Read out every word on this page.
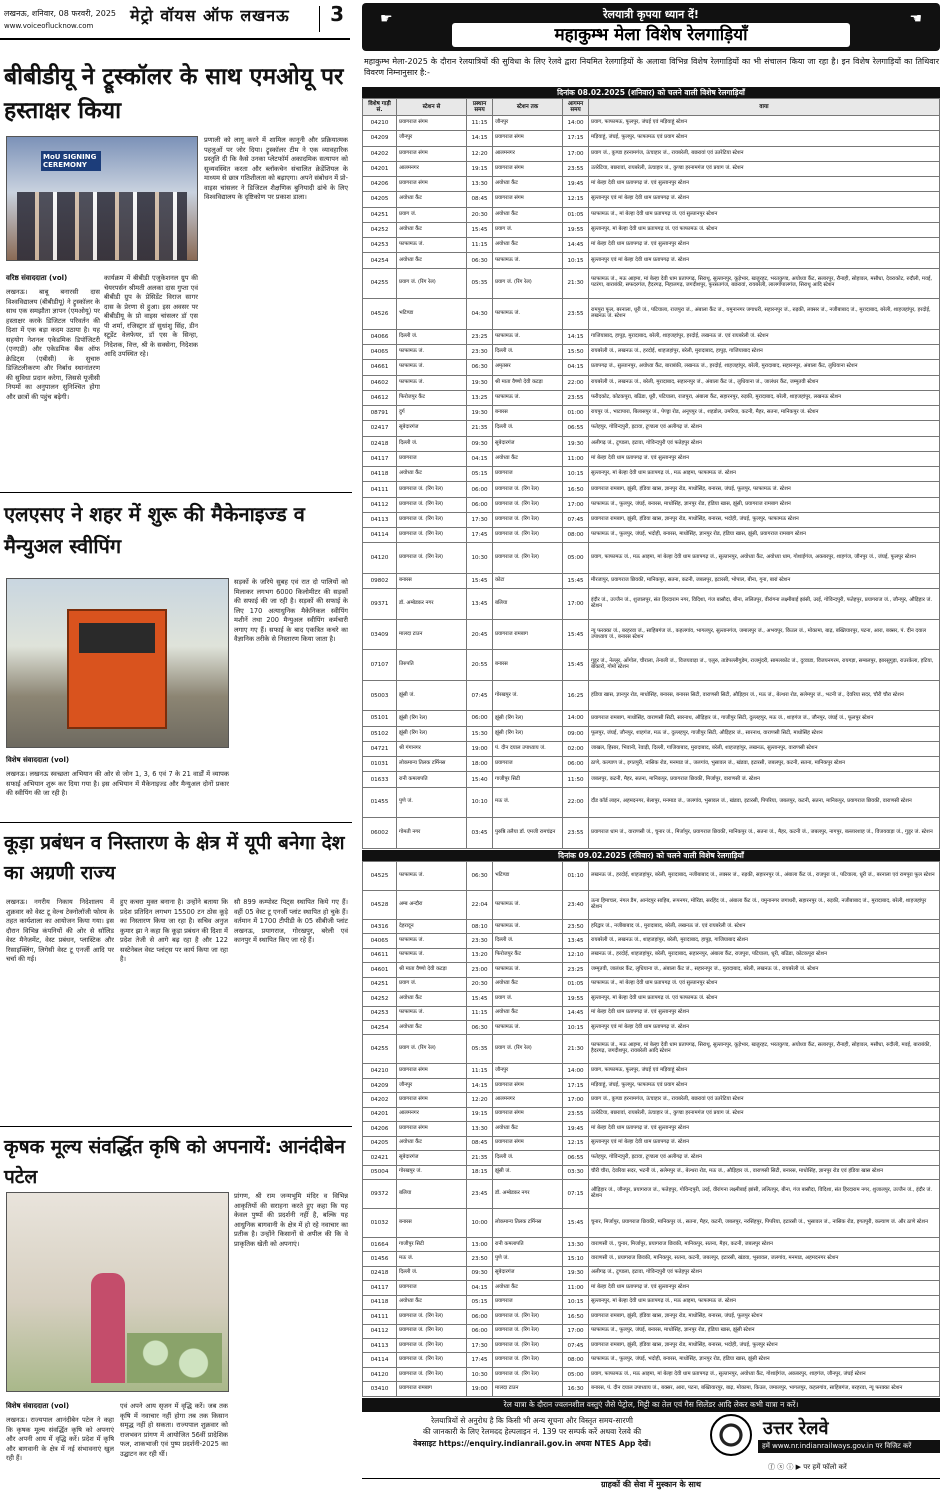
लखनऊ, शनिवार, 08 फरवरी, 2025
www.voiceoflucknow.com
मेट्रो वॉयस ऑफ लखनऊ 3
बीबीडीयू ने ट्रूस्कॉलर के साथ एमओयू पर हस्ताक्षर किया
MoU SIGNING CEREMONY
वरिष्ठ संवाददाता (vol)
लखनऊ। बाबू बनारसी दास विश्वविद्यालय (बीबीडीयू) ने ट्रूस्कॉलर के साथ एक समझौता ज्ञापन (एमओयू) पर हस्ताक्षर करके डिजिटल परिवर्तन की दिशा में एक बड़ा कदम उठाया है। यह सहयोग नेशनल एकेडमिक डिपॉजिटरी (एनएडी) और एकेडमिक बैंक ऑफ क्रेडिट्स (एबीसी) के सुचारु डिजिटलीकरण और निर्बाध स्थानांतरण की सुविधा प्रदान करेगा, जिससे यूजीसी नियमों का अनुपालन सुनिश्चित होगा और छात्रों की पहुंच बढ़ेगी।
कार्यक्रम में बीबीडी एजुकेशनल ग्रुप की चेयरपर्सन श्रीमती अलका दास गुप्ता एवं बीबीडी ग्रुप के प्रेसिडेंट विराज सागर दास के प्रेरणा से हुआ। इस अवसर पर बीबीडीयू के प्रो वाइस चांसलर डॉ एस पी शर्मा, रजिस्ट्रार डॉ सुधांशु सिंह, डीन स्टूडेंट वेलफेयर, डॉ एस के सिन्हा, निदेशक, वित्त, श्री के सक्सेना, निदेशक आदि उपस्थित रहे।
प्रणाली को लागू करने में शामिल कानूनी और प्रक्रियात्मक पहलुओं पर जोर दिया। ट्रूस्कॉलर टीम ने एक व्यावहारिक प्रस्तुति दी कि कैसे उनका प्लेटफॉर्म अकादमिक सत्यापन को सुव्यवस्थित करता और ब्लॉकचेन संचालित क्रेडेंशियल के माध्यम से छात्र गतिशीलता को बढ़ाएगा। अपने संबोधन में प्रो-वाइस चांसलर ने डिजिटल शैक्षणिक बुनियादी ढांचे के लिए विश्वविद्यालय के दृष्टिकोण पर प्रकाश डाला।
एलएसए ने शहर में शुरू की मैकेनाइज्ड व मैन्युअल स्वीपिंग
विशेष संवाददाता (vol)
लखनऊ। लखनऊ स्वच्छता अभियान की ओर से जोन 1, 3, 6 एवं 7 के 21 वार्डों में व्यापक सफाई अभियान शुरू कर दिया गया है। इस अभियान में मैकेनाइज्ड और मैन्युअल दोनों प्रकार की स्वीपिंग की जा रही है।
सड़कों के जरिये सुबह एवं रात दो पालियों को मिलाकर लगभग 6000 किलोमीटर की सड़कों की सफाई की जा रही है। सड़कों की सफाई के लिए 170 अत्याधुनिक मैकेनिकल स्वीपिंग मशीनें तथा 200 मैन्युअल स्वीपिंग कर्मचारी लगाए गए हैं। सफाई के बाद एकत्रित कचरे का वैज्ञानिक तरीके से निस्तारण किया जाता है।
कूड़ा प्रबंधन व निस्तारण के क्षेत्र में यूपी बनेगा देश का अग्रणी राज्य
लखनऊ। नगरीय निकाय निदेशालय में शुक्रवार को वेस्ट टू वेल्थ टेक्नोलॉजी फोरम के तहत कार्यशाला का आयोजन किया गया। इस दौरान विभिन्न कंपनियों की ओर से सॉलिड वेस्ट मैनेजमेंट, वेस्ट प्रबंधन, प्लास्टिक और रिसाइक्लिंग, लिगेसी वेस्ट टू एनर्जी आदि पर चर्चा की गई।
हुए कचरा मुक्त बनाना है। उन्होंने बताया कि प्रदेश प्रतिदिन लगभग 15500 टन ठोस कूड़े का निस्तारण किया जा रहा है। सचिव अनुज कुमार झा ने कहा कि कूड़ा प्रबंधन की दिशा में प्रदेश तेजी से आगे बढ़ रहा है और 122 सस्टेनेबल वेस्ट प्लांट्स पर कार्य किया जा रहा है।
सौ 899 कम्पोस्ट पिट्स स्थापित किये गए हैं। वहीं 05 वेस्ट टू एनर्जी प्लांट स्थापित हो चुके हैं। वर्तमान में 1700 टीपीडी के 05 सीबीजी प्लांट लखनऊ, प्रयागराज, गोरखपुर, बरेली एवं कानपुर में स्थापित किए जा रहे हैं।
कृषक मूल्य संवर्द्धित कृषि को अपनायें: आनंदीबेन पटेल
विशेष संवाददाता (vol)
लखनऊ। राज्यपाल आनंदीबेन पटेल ने कहा कि कृषक मूल्य संवर्द्धित कृषि को अपनाएं और अपनी आय में वृद्धि करें। प्रदेश में कृषि और बागवानी के क्षेत्र में नई संभावनाएं खुल रही हैं।
एवं अपने आय सृजन में वृद्धि करें। जब तक कृषि में नवाचार नहीं होगा तब तक किसान समृद्ध नहीं हो सकता। राज्यपाल शुक्रवार को राजभवन प्रांगण में आयोजित 56वीं प्रादेशिक फल, शाकभाजी एवं पुष्प प्रदर्शनी-2025 का उद्घाटन कर रही थीं।
प्रांगण, श्री राम जन्मभूमि मंदिर व विभिन्न आकृतियों की सराहना करते हुए कहा कि यह केवल पुष्पों की प्रदर्शनी नहीं है, बल्कि यह आधुनिक बागवानी के क्षेत्र में हो रहे नवाचार का प्रतीक है। उन्होंने किसानों से अपील की कि वे प्राकृतिक खेती को अपनाएं।
☛	☚
रेलयात्री कृपया ध्यान दें!
महाकुम्भ मेला विशेष रेलगाड़ियाँ
महाकुम्भ मेला-2025 के दौरान रेलयात्रियों की सुविधा के लिए रेलवे द्वारा नियमित रेलगाड़ियों के अलावा विभिन्न विशेष रेलगाड़ियों का भी संचालन किया जा रहा है। इन विशेष रेलगाड़ियों का तिथिवार विवरण निम्नानुसार है:-
दिनांक 08.02.2025 (शनिवार) को चलने वाली विशेष रेलगाड़ियाँ
विशेष गाड़ी सं.	स्टेशन से	प्रस्थान समय	स्टेशन तक	आगमन समय	वाया
04210	प्रयागराज संगम	11:15	जौनपुर	14:00	प्रयाग, फाफामऊ, फूलपुर, जंघई एवं मड़ियाहूं स्टेशन
04209	जौनपुर	14:15	प्रयागराज संगम	17:15	मड़ियाहूं, जंघई, फूलपुर, फाफामऊ एवं प्रयाग स्टेशन
04202	प्रयागराज संगम	12:20	आलमनगर	17:00	प्रयाग जं., कुण्डा हरनामगंज, ऊंचाहार जं., रायबरेली, बछरावां एवं उतरेटिया स्टेशन
04201	आलमनगर	19:15	प्रयागराज संगम	23:55	उतरेटिया, बछरावां, रायबरेली, ऊंचाहार जं., कुण्डा हरनामगंज एवं प्रयाग जं. स्टेशन
04206	प्रयागराज संगम	13:30	अयोध्या कैंट	19:45	मां बेल्हा देवी धाम प्रतापगढ़ जं. एवं सुल्तानपुर स्टेशन
04205	अयोध्या कैंट	08:45	प्रयागराज संगम	12:15	सुल्तानपुर एवं मां बेल्हा देवी धाम प्रतापगढ़ जं. स्टेशन
04251	प्रयाग जं.	20:30	अयोध्या कैंट	01:05	फाफामऊ जं., मां बेल्हा देवी धाम प्रतापगढ़ जं. एवं सुल्तानपुर स्टेशन
04252	अयोध्या कैंट	15:45	प्रयाग जं.	19:55	सुल्तानपुर, मां बेल्हा देवी धाम प्रतापगढ़ जं. एवं फाफामऊ जं. स्टेशन
04253	फाफामऊ जं.	11:15	अयोध्या कैंट	14:45	मां बेल्हा देवी धाम प्रतापगढ़ जं. एवं सुल्तानपुर स्टेशन
04254	अयोध्या कैंट	06:30	फाफामऊ जं.	10:15	सुल्तानपुर एवं मां बेल्हा देवी धाम प्रतापगढ़ जं. स्टेशन
04255	प्रयाग जं. (रिंग रेल)	05:35	प्रयाग जं. (रिंग रेल)	21:30	फाफामऊ जं., मऊ आइमा, मां बेल्हा देवी धाम प्रतापगढ़, सिराथू, सुल्तानपुर, कूड़ेभार, खजुरहट, भरतकुण्ड, अयोध्या कैंट, सलारपुर, रौनाही, सोहावल, मसौधा, देवराकोट, रुदौली, मवई, पटरंगा, बाराबंकी, सफदरगंज, हैदरगढ़, निहालगढ़, जगदीशपुर, फुरसतगंज, बछरावां, रायबरेली, लालगोपालगंज, सिराथू आदि स्टेशन
04526	भटिण्डा	04:30	फाफामऊ जं.	23:55	रामपुरा फूल, बरनाला, धूरी जं., पटियाला, राजपुरा जं., अंबाला कैंट जं., यमुनानगर जगाधरी, सहारनपुर जं., रुड़की, लक्सर जं., नजीबाबाद जं., मुरादाबाद, बरेली, शाहजहांपुर, हरदोई, लखनऊ जं. स्टेशन
04066	दिल्ली जं.	23:25	फाफामऊ जं.	14:15	गाजियाबाद, हापुड़, मुरादाबाद, बरेली, शाहजहांपुर, हरदोई, लखनऊ जं. एवं रायबरेली जं. स्टेशन
04065	फाफामऊ जं.	23:30	दिल्ली जं.	15:50	रायबरेली जं., लखनऊ जं., हरदोई, शाहजहांपुर, बरेली, मुरादाबाद, हापुड़, गाजियाबाद स्टेशन
04661	फाफामऊ जं.	06:30	अमृतसर	04:15	प्रतापगढ़ जं., सुल्तानपुर, अयोध्या कैंट, बाराबंकी, लखनऊ जं., हरदोई, शाहजहांपुर, बरेली, मुरादाबाद, सहारनपुर, अंबाला कैंट, लुधियाना स्टेशन
04602	फाफामऊ जं.	19:30	श्री माता वैष्णो देवी कटड़ा	22:00	रायबरेली जं., लखनऊ जं., बरेली, मुरादाबाद, सहारनपुर जं., अंबाला कैंट जं., लुधियाना जं., जालंधर कैंट, जम्मूतवी स्टेशन
04612	फिरोजपुर कैंट	13:25	फाफामऊ जं.	23:55	फरीदकोट, कोटकपूरा, बठिंडा, धूरी, पटियाला, राजपुरा, अंबाला कैंट, सहारनपुर, रुड़की, मुरादाबाद, बरेली, शाहजहांपुर, लखनऊ स्टेशन
08791	दुर्ग	19:30	बनारस	01:00	रायपुर जं., भाटापारा, बिलासपुर जं., पेण्ड्रा रोड, अनूपपुर जं., शहडोल, उमरिया, कटनी, मैहर, सतना, मानिकपुर जं. स्टेशन
02417	सूबेदारगंज	21:35	दिल्ली जं.	06:55	फतेहपुर, गोविन्दपुरी, इटावा, टूण्डला एवं अलीगढ़ जं. स्टेशन
02418	दिल्ली जं.	09:30	सूबेदारगंज	19:30	अलीगढ़ जं., टूण्डला, इटावा, गोविन्दपुरी एवं फतेहपुर स्टेशन
04117	प्रयागराज	04:15	अयोध्या कैंट	11:00	मां बेल्हा देवी धाम प्रतापगढ़ जं. एवं सुल्तानपुर स्टेशन
04118	अयोध्या कैंट	05:15	प्रयागराज	10:15	सुल्तानपुर, मां बेल्हा देवी धाम प्रतापगढ़ जं., मऊ आइमा, फाफामऊ जं. स्टेशन
04111	प्रयागराज जं. (रिंग रेल)	06:00	प्रयागराज जं. (रिंग रेल)	16:50	प्रयागराज रामबाग, झूंसी, हंडिया खास, ज्ञानपुर रोड, माधोसिंह, बनारस, जंघई, फूलपुर, फाफामऊ जं. स्टेशन
04112	प्रयागराज जं. (रिंग रेल)	06:00	प्रयागराज जं. (रिंग रेल)	17:00	फाफामऊ जं., फूलपुर, जंघई, बनारस, माधोसिंह, ज्ञानपुर रोड, हंडिया खास, झूंसी, प्रयागराज रामबाग स्टेशन
04113	प्रयागराज जं. (रिंग रेल)	17:30	प्रयागराज जं. (रिंग रेल)	07:45	प्रयागराज रामबाग, झूंसी, हंडिया खास, ज्ञानपुर रोड, माधोसिंह, बनारस, भदोही, जंघई, फूलपुर, फाफामऊ स्टेशन
04114	प्रयागराज जं. (रिंग रेल)	17:45	प्रयागराज जं. (रिंग रेल)	08:00	फाफामऊ जं., फूलपुर, जंघई, भदोही, बनारस, माधोसिंह, ज्ञानपुर रोड, हंडिया खास, झूंसी, प्रयागराज रामबाग स्टेशन
04120	प्रयागराज जं. (रिंग रेल)	10:30	प्रयागराज जं. (रिंग रेल)	05:00	प्रयाग, फाफामऊ जं., मऊ आइमा, मां बेल्हा देवी धाम प्रतापगढ़ जं., सुल्तानपुर, अयोध्या कैंट, अयोध्या धाम, गोशाईगंज, अकबरपुर, शाहगंज, जौनपुर जं., जंघई, फूलपुर स्टेशन
09802	बनारस	15:45	कोटा	15:45	मीरजापुर, प्रयागराज छिवकी, मानिकपुर, सतना, कटनी, जबलपुर, इटारसी, भोपाल, बीना, गुना, बारां स्टेशन
09371	डॉ. अम्बेडकर नगर	13:45	बलिया	17:00	इंदौर जं., उज्जैन जं., शुजालपुर, संत हिरदाराम नगर, विदिशा, गंज बासौदा, बीना, ललितपुर, वीरांगना लक्ष्मीबाई झांसी, उरई, गोविन्दपुरी, फतेहपुर, प्रयागराज जं., जौनपुर, औड़िहार जं. स्टेशन
03409	मालदा टाउन	20:45	प्रयागराज रामबाग	15:45	न्यू फरक्का जं., बरहरवा जं., साहिबगंज जं., कहलगांव, भागलपुर, सुल्तानगंज, जमालपुर जं., अभयपुर, किउल जं., मोकामा, बाढ़, बख्तियारपुर, पटना, आरा, बक्सर, पं. दीन दयाल उपाध्याय जं., बनारस स्टेशन
07107	तिरुपति	20:55	बनारस	15:45	गुडूर जं., नेल्लूर, ओंगोल, चीराला, तेनाली जं., विजयवाड़ा जं., एलुरु, ताडेपल्लीगुडेम, राजमुंदरी, सामलकोट जं., दुव्वाडा, विजयनगरम, रायगड़ा, सम्बलपुर, झारसुगुड़ा, राउरकेला, हटिया, बोकारो, गोमो स्टेशन
05003	झूंसी जं.	07:45	गोरखपुर जं.	16:25	हंडिया खास, ज्ञानपुर रोड, माधोसिंह, बनारस, बनारस सिटी, वाराणसी सिटी, औड़िहार जं., मऊ जं., बेल्थरा रोड, सलेमपुर जं., भटनी जं., देवरिया सदर, चौरी चौरा स्टेशन
05101	झूंसी (रिंग रेल)	06:00	झूंसी (रिंग रेल)	14:00	प्रयागराज रामबाग, माधोसिंह, वाराणसी सिटी, सारनाथ, औड़िहार जं., गाजीपुर सिटी, दुल्लहपुर, मऊ जं., शाहगंज जं., जौनपुर, जंघई जं., फूलपुर स्टेशन
05102	झूंसी (रिंग रेल)	15:30	झूंसी (रिंग रेल)	09:00	फूलपुर, जंघई, जौनपुर, शाहगंज, मऊ जं., दुल्लहपुर, गाजीपुर सिटी, औड़िहार जं., सारनाथ, वाराणसी सिटी, माधोसिंह स्टेशन
04721	श्री गंगानगर	19:00	पं. दीन दयाल उपाध्याय जं.	02:00	जाखल, हिसार, भिवानी, रेवाड़ी, दिल्ली, गाजियाबाद, मुरादाबाद, बरेली, शाहजहांपुर, लखनऊ, सुल्तानपुर, वाराणसी स्टेशन
01031	लोकमान्य तिलक टर्मिनस	18:00	प्रयागराज	06:00	ठाणे, कल्याण जं., इगतपुरी, नासिक रोड, मनमाड जं., जलगांव, भुसावल जं., खंडवा, इटारसी, जबलपुर, कटनी, सतना, मानिकपुर स्टेशन
01633	रानी कमलापति	15:40	गाजीपुर सिटी	11:50	जबलपुर, कटनी, मैहर, सतना, मानिकपुर, प्रयागराज छिवकी, मिर्जापुर, वाराणसी जं. स्टेशन
01455	पुणे जं.	10:10	मऊ जं.	22:00	दौंड कॉर्ड लाइन, अहमदनगर, बेलापुर, मनमाड जं., जलगांव, भुसावल जं., खंडवा, इटारसी, पिपरिया, जबलपुर, कटनी, सतना, मानिकपुर, प्रयागराज छिवकी, वाराणसी स्टेशन
06002	गोमती नगर	03:45	पुरुष्ठि तलैया डॉ. एमजी रामचंद्रन	23:55	प्रयागराज धाम जं., वाराणसी जं., चुनार जं., मिर्जापुर, प्रयागराज छिवकी, मानिकपुर जं., सतना जं., मैहर, कटनी जं., जबलपुर, नागपुर, बल्लारशाह जं., विजयवाड़ा जं., गुडूर जं. स्टेशन
दिनांक 09.02.2025 (रविवार) को चलने वाली विशेष रेलगाड़ियाँ
04525	फाफामऊ जं.	06:30	भटिण्डा	01:10	लखनऊ जं., हरदोई, शाहजहांपुर, बरेली, मुरादाबाद, नजीबाबाद जं., लक्सर जं., रुड़की, सहारनपुर जं., अंबाला कैंट जं., राजपुरा जं., पटियाला, धूरी जं., बरनाला एवं रामपुरा फूल स्टेशन
04528	अम्ब अन्दौरा	22:04	फाफामऊ जं.	23:40	ऊना हिमाचल, नंगल डैम, आनंदपुर साहिब, रूपनगर, मोरिंडा, सरहिंद जं., अंबाला कैंट जं., यमुनानगर जगाधरी, सहारनपुर जं., रुड़की, नजीबाबाद जं., मुरादाबाद, बरेली, शाहजहांपुर स्टेशन
04316	देहरादून	08:10	फाफामऊ जं.	23:50	हरिद्वार जं., नजीबाबाद जं., मुरादाबाद, बरेली, लखनऊ जं. एवं रायबरेली जं. स्टेशन
04065	फाफामऊ जं.	23:30	दिल्ली जं.	13:45	रायबरेली जं., लखनऊ जं., शाहजहांपुर, बरेली, मुरादाबाद, हापुड़, गाजियाबाद स्टेशन
04611	फाफामऊ जं.	13:20	फिरोजपुर कैंट	12:10	लखनऊ जं., हरदोई, शाहजहांपुर, बरेली, मुरादाबाद, सहारनपुर, अंबाला कैंट, राजपुरा, पटियाला, धूरी, बठिंडा, कोटकपूरा स्टेशन
04601	श्री माता वैष्णो देवी कटड़ा	23:00	फाफामऊ जं.	23:25	जम्मूतवी, जालंधर कैंट, लुधियाना जं., अंबाला कैंट जं., सहारनपुर जं., मुरादाबाद, बरेली, लखनऊ जं., रायबरेली जं. स्टेशन
04251	प्रयाग जं.	20:30	अयोध्या कैंट	01:05	फाफामऊ जं., मां बेल्हा देवी धाम प्रतापगढ़ जं. एवं सुल्तानपुर स्टेशन
04252	अयोध्या कैंट	15:45	प्रयाग जं.	19:55	सुल्तानपुर, मां बेल्हा देवी धाम प्रतापगढ़ जं. एवं फाफामऊ जं. स्टेशन
04253	फाफामऊ जं.	11:15	अयोध्या कैंट	14:45	मां बेल्हा देवी धाम प्रतापगढ़ जं. एवं सुल्तानपुर स्टेशन
04254	अयोध्या कैंट	06:30	फाफामऊ जं.	10:15	सुल्तानपुर एवं मां बेल्हा देवी धाम प्रतापगढ़ जं. स्टेशन
04255	प्रयाग जं. (रिंग रेल)	05:35	प्रयाग जं. (रिंग रेल)	21:30	फाफामऊ जं., मऊ आइमा, मां बेल्हा देवी धाम प्रतापगढ़, सिराथू, सुल्तानपुर, कूड़ेभार, खजुरहट, भरतकुण्ड, अयोध्या कैंट, सलारपुर, रौनाही, सोहावल, मसौधा, रुदौली, मवई, बाराबंकी, हैदरगढ़, जगदीशपुर, रायबरेली आदि स्टेशन
04210	प्रयागराज संगम	11:15	जौनपुर	14:00	प्रयाग, फाफामऊ, फूलपुर, जंघई एवं मड़ियाहूं स्टेशन
04209	जौनपुर	14:15	प्रयागराज संगम	17:15	मड़ियाहूं, जंघई, फूलपुर, फाफामऊ एवं प्रयाग स्टेशन
04202	प्रयागराज संगम	12:20	आलमनगर	17:00	प्रयाग जं., कुण्डा हरनामगंज, ऊंचाहार जं., रायबरेली, बछरावां एवं उतरेटिया स्टेशन
04201	आलमनगर	19:15	प्रयागराज संगम	23:55	उतरेटिया, बछरावां, रायबरेली, ऊंचाहार जं., कुण्डा हरनामगंज एवं प्रयाग जं. स्टेशन
04206	प्रयागराज संगम	13:30	अयोध्या कैंट	19:45	मां बेल्हा देवी धाम प्रतापगढ़ जं. एवं सुल्तानपुर स्टेशन
04205	अयोध्या कैंट	08:45	प्रयागराज संगम	12:15	सुल्तानपुर एवं मां बेल्हा देवी धाम प्रतापगढ़ जं. स्टेशन
02421	सूबेदारगंज	21:35	दिल्ली जं.	06:55	फतेहपुर, गोविन्दपुरी, इटावा, टूण्डला एवं अलीगढ़ जं. स्टेशन
05004	गोरखपुर जं.	18:15	झूंसी जं.	03:30	चौरी चौरा, देवरिया सदर, भटनी जं., सलेमपुर जं., बेल्थरा रोड, मऊ जं., औड़िहार जं., वाराणसी सिटी, बनारस, माधोसिंह, ज्ञानपुर रोड एवं हंडिया खास स्टेशन
09372	बलिया	23:45	डॉ. अम्बेडकर नगर	07:15	औड़िहार जं., जौनपुर, प्रयागराज जं., फतेहपुर, गोविन्दपुरी, उरई, वीरांगना लक्ष्मीबाई झांसी, ललितपुर, बीना, गंज बासौदा, विदिशा, संत हिरदाराम नगर, शुजालपुर, उज्जैन जं., इंदौर जं. स्टेशन
01032	बनारस	10:00	लोकमान्य तिलक टर्मिनस	15:45	चुनार, मिर्जापुर, प्रयागराज छिवकी, मानिकपुर जं., सतना, मैहर, कटनी, जबलपुर, नरसिंहपुर, पिपरिया, इटारसी जं., भुसावल जं., नासिक रोड, इगतपुरी, कल्याण जं. और ठाणे स्टेशन
01664	गाजीपुर सिटी	13:00	रानी कमलापति	13:30	वाराणसी जं., चुनार, मिर्जापुर, प्रयागराज छिवकी, मानिकपुर, सतना, मैहर, कटनी, जबलपुर स्टेशन
01456	मऊ जं.	23:50	पुणे जं.	15:10	वाराणसी जं., प्रयागराज छिवकी, मानिकपुर, सतना, कटनी, जबलपुर, इटारसी, खंडवा, भुसावल, जलगांव, मनमाड, अहमदनगर स्टेशन
02418	दिल्ली जं.	09:30	सूबेदारगंज	19:30	अलीगढ़ जं., टूण्डला, इटावा, गोविन्दपुरी एवं फतेहपुर स्टेशन
04117	प्रयागराज	04:15	अयोध्या कैंट	11:00	मां बेल्हा देवी धाम प्रतापगढ़ जं. एवं सुल्तानपुर स्टेशन
04118	अयोध्या कैंट	05:15	प्रयागराज	10:15	सुल्तानपुर, मां बेल्हा देवी धाम प्रतापगढ़ जं., मऊ आइमा, फाफामऊ जं. स्टेशन
04111	प्रयागराज जं. (रिंग रेल)	06:00	प्रयागराज जं. (रिंग रेल)	16:50	प्रयागराज रामबाग, झूंसी, हंडिया खास, ज्ञानपुर रोड, माधोसिंह, बनारस, जंघई, फूलपुर स्टेशन
04112	प्रयागराज जं. (रिंग रेल)	06:00	प्रयागराज जं. (रिंग रेल)	17:00	फाफामऊ जं., फूलपुर, जंघई, बनारस, माधोसिंह, ज्ञानपुर रोड, हंडिया खास, झूंसी स्टेशन
04113	प्रयागराज जं. (रिंग रेल)	17:30	प्रयागराज जं. (रिंग रेल)	07:45	प्रयागराज रामबाग, झूंसी, हंडिया खास, ज्ञानपुर रोड, माधोसिंह, बनारस, भदोही, जंघई, फूलपुर स्टेशन
04114	प्रयागराज जं. (रिंग रेल)	17:45	प्रयागराज जं. (रिंग रेल)	08:00	फाफामऊ जं., फूलपुर, जंघई, भदोही, बनारस, माधोसिंह, ज्ञानपुर रोड, हंडिया खास, झूंसी स्टेशन
04120	प्रयागराज जं. (रिंग रेल)	10:30	प्रयागराज जं. (रिंग रेल)	05:00	प्रयाग, फाफामऊ जं., मऊ आइमा, मां बेल्हा देवी धाम प्रतापगढ़ जं., सुल्तानपुर, अयोध्या कैंट, गोशाईगंज, अकबरपुर, शाहगंज, जौनपुर, जंघई स्टेशन
03410	प्रयागराज रामबाग	19:00	मालदा टाउन	16:30	बनारस, पं. दीन दयाल उपाध्याय जं., बक्सर, आरा, पटना, बख्तियारपुर, बाढ़, मोकामा, किउल, जमालपुर, भागलपुर, कहलगांव, साहिबगंज, बरहरवा, न्यू फरक्का स्टेशन
रेल यात्रा के दौरान ज्वलनशील वस्तुएं जैसे पेट्रोल, मिट्टी का तेल एवं गैस सिलेंडर आदि लेकर कभी यात्रा न करें।
रेलयात्रियों से अनुरोध है कि किसी भी अन्य सूचना और विस्तृत समय-सारणी
की जानकारी के लिए रेलमदद हेल्पलाइन नं. 139 पर सम्पर्क करें अथवा रेलवे की
वेबसाइट https://enquiry.indianrail.gov.in अथवा NTES App देखें।
उत्तर रेलवे
हमें www.nr.indianrailways.gov.in पर विजिट करें
ⓕ ⓧ ⓘ ▶ पर हमें फॉलो करें
ग्राहकों की सेवा में मुस्कान के साथ
